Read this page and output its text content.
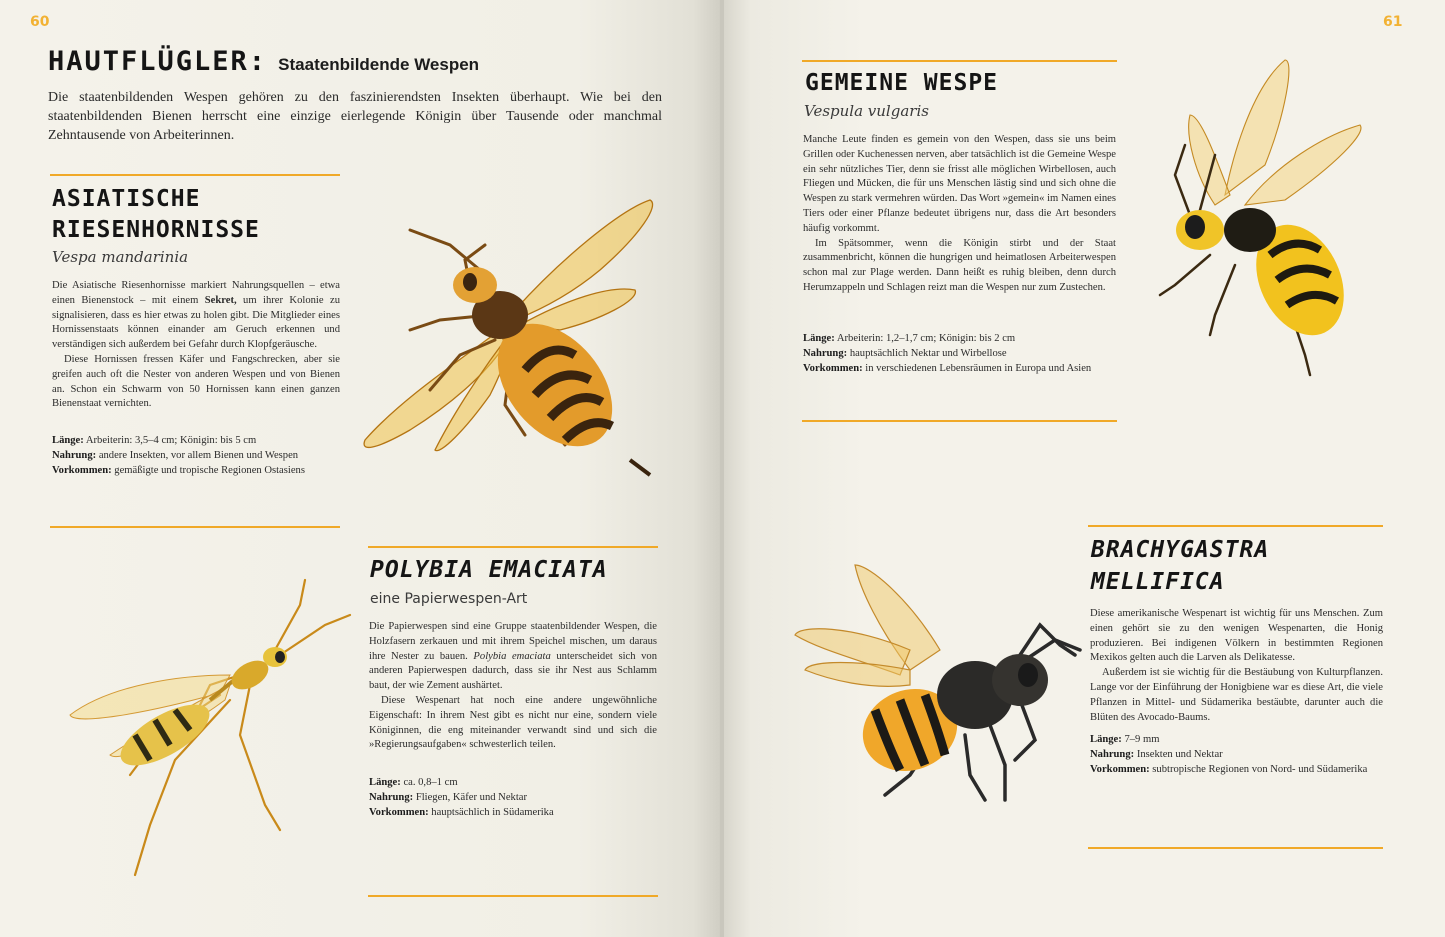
60	61
HAUTFLÜGLER: Staatenbildende Wespen
Die staatenbildenden Wespen gehören zu den faszinierendsten Insekten überhaupt. Wie bei den staatenbildenden Bienen herrscht eine einzige eierlegende Königin über Tausende oder manchmal Zehntausende von Arbeiterinnen.
ASIATISCHE
RIESENHORNISSE
Vespa mandarinia

Die Asiatische Riesenhornisse markiert Nahrungsquellen – etwa einen Bienenstock – mit einem Sekret, um ihrer Kolonie zu signalisieren, dass es hier etwas zu holen gibt. Die Mitglieder eines Hornissenstaats können einander am Geruch erkennen und verständigen sich außerdem bei Gefahr durch Klopfgeräusche.

Diese Hornissen fressen Käfer und Fangschrecken, aber sie greifen auch oft die Nester von anderen Wespen und von Bienen an. Schon ein Schwarm von 50 Hornissen kann einen ganzen Bienenstaat vernichten.

Länge: Arbeiterin: 3,5–4 cm; Königin: bis 5 cm
Nahrung: andere Insekten, vor allem Bienen und Wespen
Vorkommen: gemäßigte und tropische Regionen Ostasiens
POLYBIA EMACIATA
eine Papierwespen-Art

Die Papierwespen sind eine Gruppe staatenbildender Wespen, die Holzfasern zerkauen und mit ihrem Speichel mischen, um daraus ihre Nester zu bauen. Polybia emaciata unterscheidet sich von anderen Papierwespen dadurch, dass sie ihr Nest aus Schlamm baut, der wie Zement aushärtet.

Diese Wespenart hat noch eine andere ungewöhnliche Eigenschaft: In ihrem Nest gibt es nicht nur eine, sondern viele Königinnen, die eng miteinander verwandt sind und sich die »Regierungsaufgaben« schwesterlich teilen.

Länge: ca. 0,8–1 cm
Nahrung: Fliegen, Käfer und Nektar
Vorkommen: hauptsächlich in Südamerika
GEMEINE WESPE
Vespula vulgaris

Manche Leute finden es gemein von den Wespen, dass sie uns beim Grillen oder Kuchenessen nerven, aber tatsächlich ist die Gemeine Wespe ein sehr nützliches Tier, denn sie frisst alle möglichen Wirbellosen, auch Fliegen und Mücken, die für uns Menschen lästig sind und sich ohne die Wespen zu stark vermehren würden. Das Wort »gemein« im Namen eines Tiers oder einer Pflanze bedeutet übrigens nur, dass die Art besonders häufig vorkommt.

Im Spätsommer, wenn die Königin stirbt und der Staat zusammenbricht, können die hungrigen und heimatlosen Arbeiterwespen schon mal zur Plage werden. Dann heißt es ruhig bleiben, denn durch Herumzappeln und Schlagen reizt man die Wespen nur zum Zustechen.

Länge: Arbeiterin: 1,2–1,7 cm; Königin: bis 2 cm
Nahrung: hauptsächlich Nektar und Wirbellose
Vorkommen: in verschiedenen Lebensräumen in Europa und Asien
BRACHYGASTRA
MELLIFICA

Diese amerikanische Wespenart ist wichtig für uns Menschen. Zum einen gehört sie zu den wenigen Wespenarten, die Honig produzieren. Bei indigenen Völkern in bestimmten Regionen Mexikos gelten auch die Larven als Delikatesse.

Außerdem ist sie wichtig für die Bestäubung von Kulturpflanzen. Lange vor der Einführung der Honigbiene war es diese Art, die viele Pflanzen in Mittel- und Südamerika bestäubte, darunter auch die Blüten des Avocado-Baums.

Länge: 7–9 mm
Nahrung: Insekten und Nektar
Vorkommen: subtropische Regionen von Nord- und Südamerika
